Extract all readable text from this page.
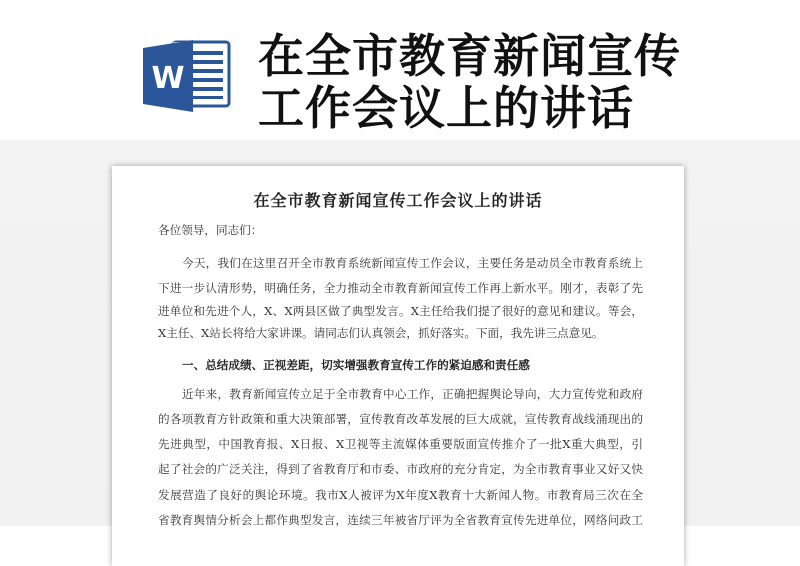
W 在全市教育新闻宣传
工作会议上的讲话
在全市教育新闻宣传工作会议上的讲话
各位领导，同志们：
今天，我们在这里召开全市教育系统新闻宣传工作会议，主要任务是动员全市教育系统上
下进一步认清形势，明确任务，全力推动全市教育新闻宣传工作再上新水平。刚才，表彰了先
进单位和先进个人，X、X两县区做了典型发言。X主任给我们提了很好的意见和建议。等会，
X主任、X站长将给大家讲课。请同志们认真领会，抓好落实。下面，我先讲三点意见。
一、总结成绩、正视差距，切实增强教育宣传工作的紧迫感和责任感
近年来，教育新闻宣传立足于全市教育中心工作，正确把握舆论导向，大力宣传党和政府
的各项教育方针政策和重大决策部署，宣传教育改革发展的巨大成就，宣传教育战线涌现出的
先进典型，中国教育报、X日报、X卫视等主流媒体重要版面宣传推介了一批X重大典型，引
起了社会的广泛关注，得到了省教育厅和市委、市政府的充分肯定，为全市教育事业又好又快
发展营造了良好的舆论环境。我市X人被评为X年度X教育十大新闻人物。市教育局三次在全
省教育舆情分析会上都作典型发言，连续三年被省厅评为全省教育宣传先进单位，网络问政工
